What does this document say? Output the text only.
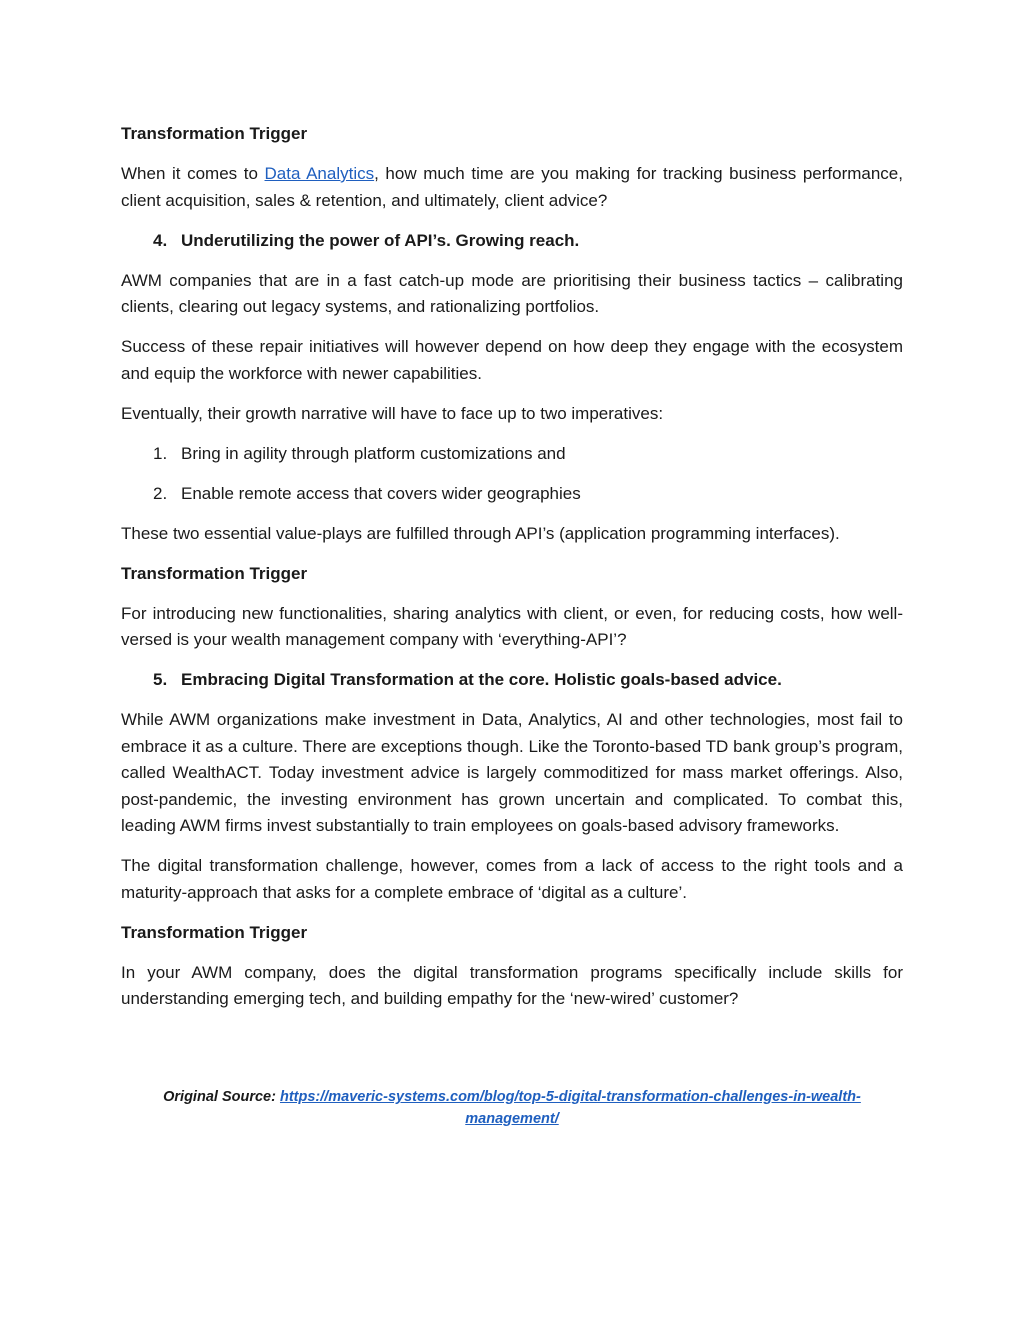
Transformation Trigger

When it comes to Data Analytics, how much time are you making for tracking business performance, client acquisition, sales & retention, and ultimately, client advice?

4. Underutilizing the power of API’s. Growing reach.

AWM companies that are in a fast catch-up mode are prioritising their business tactics – calibrating clients, clearing out legacy systems, and rationalizing portfolios.

Success of these repair initiatives will however depend on how deep they engage with the ecosystem and equip the workforce with newer capabilities.

Eventually, their growth narrative will have to face up to two imperatives:

1. Bring in agility through platform customizations and
2. Enable remote access that covers wider geographies

These two essential value-plays are fulfilled through API’s (application programming interfaces).

Transformation Trigger

For introducing new functionalities, sharing analytics with client, or even, for reducing costs, how well-versed is your wealth management company with ‘everything-API’?

5. Embracing Digital Transformation at the core. Holistic goals-based advice.

While AWM organizations make investment in Data, Analytics, AI and other technologies, most fail to embrace it as a culture. There are exceptions though. Like the Toronto-based TD bank group’s program, called WealthACT. Today investment advice is largely commoditized for mass market offerings. Also, post-pandemic, the investing environment has grown uncertain and complicated. To combat this, leading AWM firms invest substantially to train employees on goals-based advisory frameworks.

The digital transformation challenge, however, comes from a lack of access to the right tools and a maturity-approach that asks for a complete embrace of ‘digital as a culture’.

Transformation Trigger

In your AWM company, does the digital transformation programs specifically include skills for understanding emerging tech, and building empathy for the ‘new-wired’ customer?

Original Source: https://maveric-systems.com/blog/top-5-digital-transformation-challenges-in-wealth-management/
